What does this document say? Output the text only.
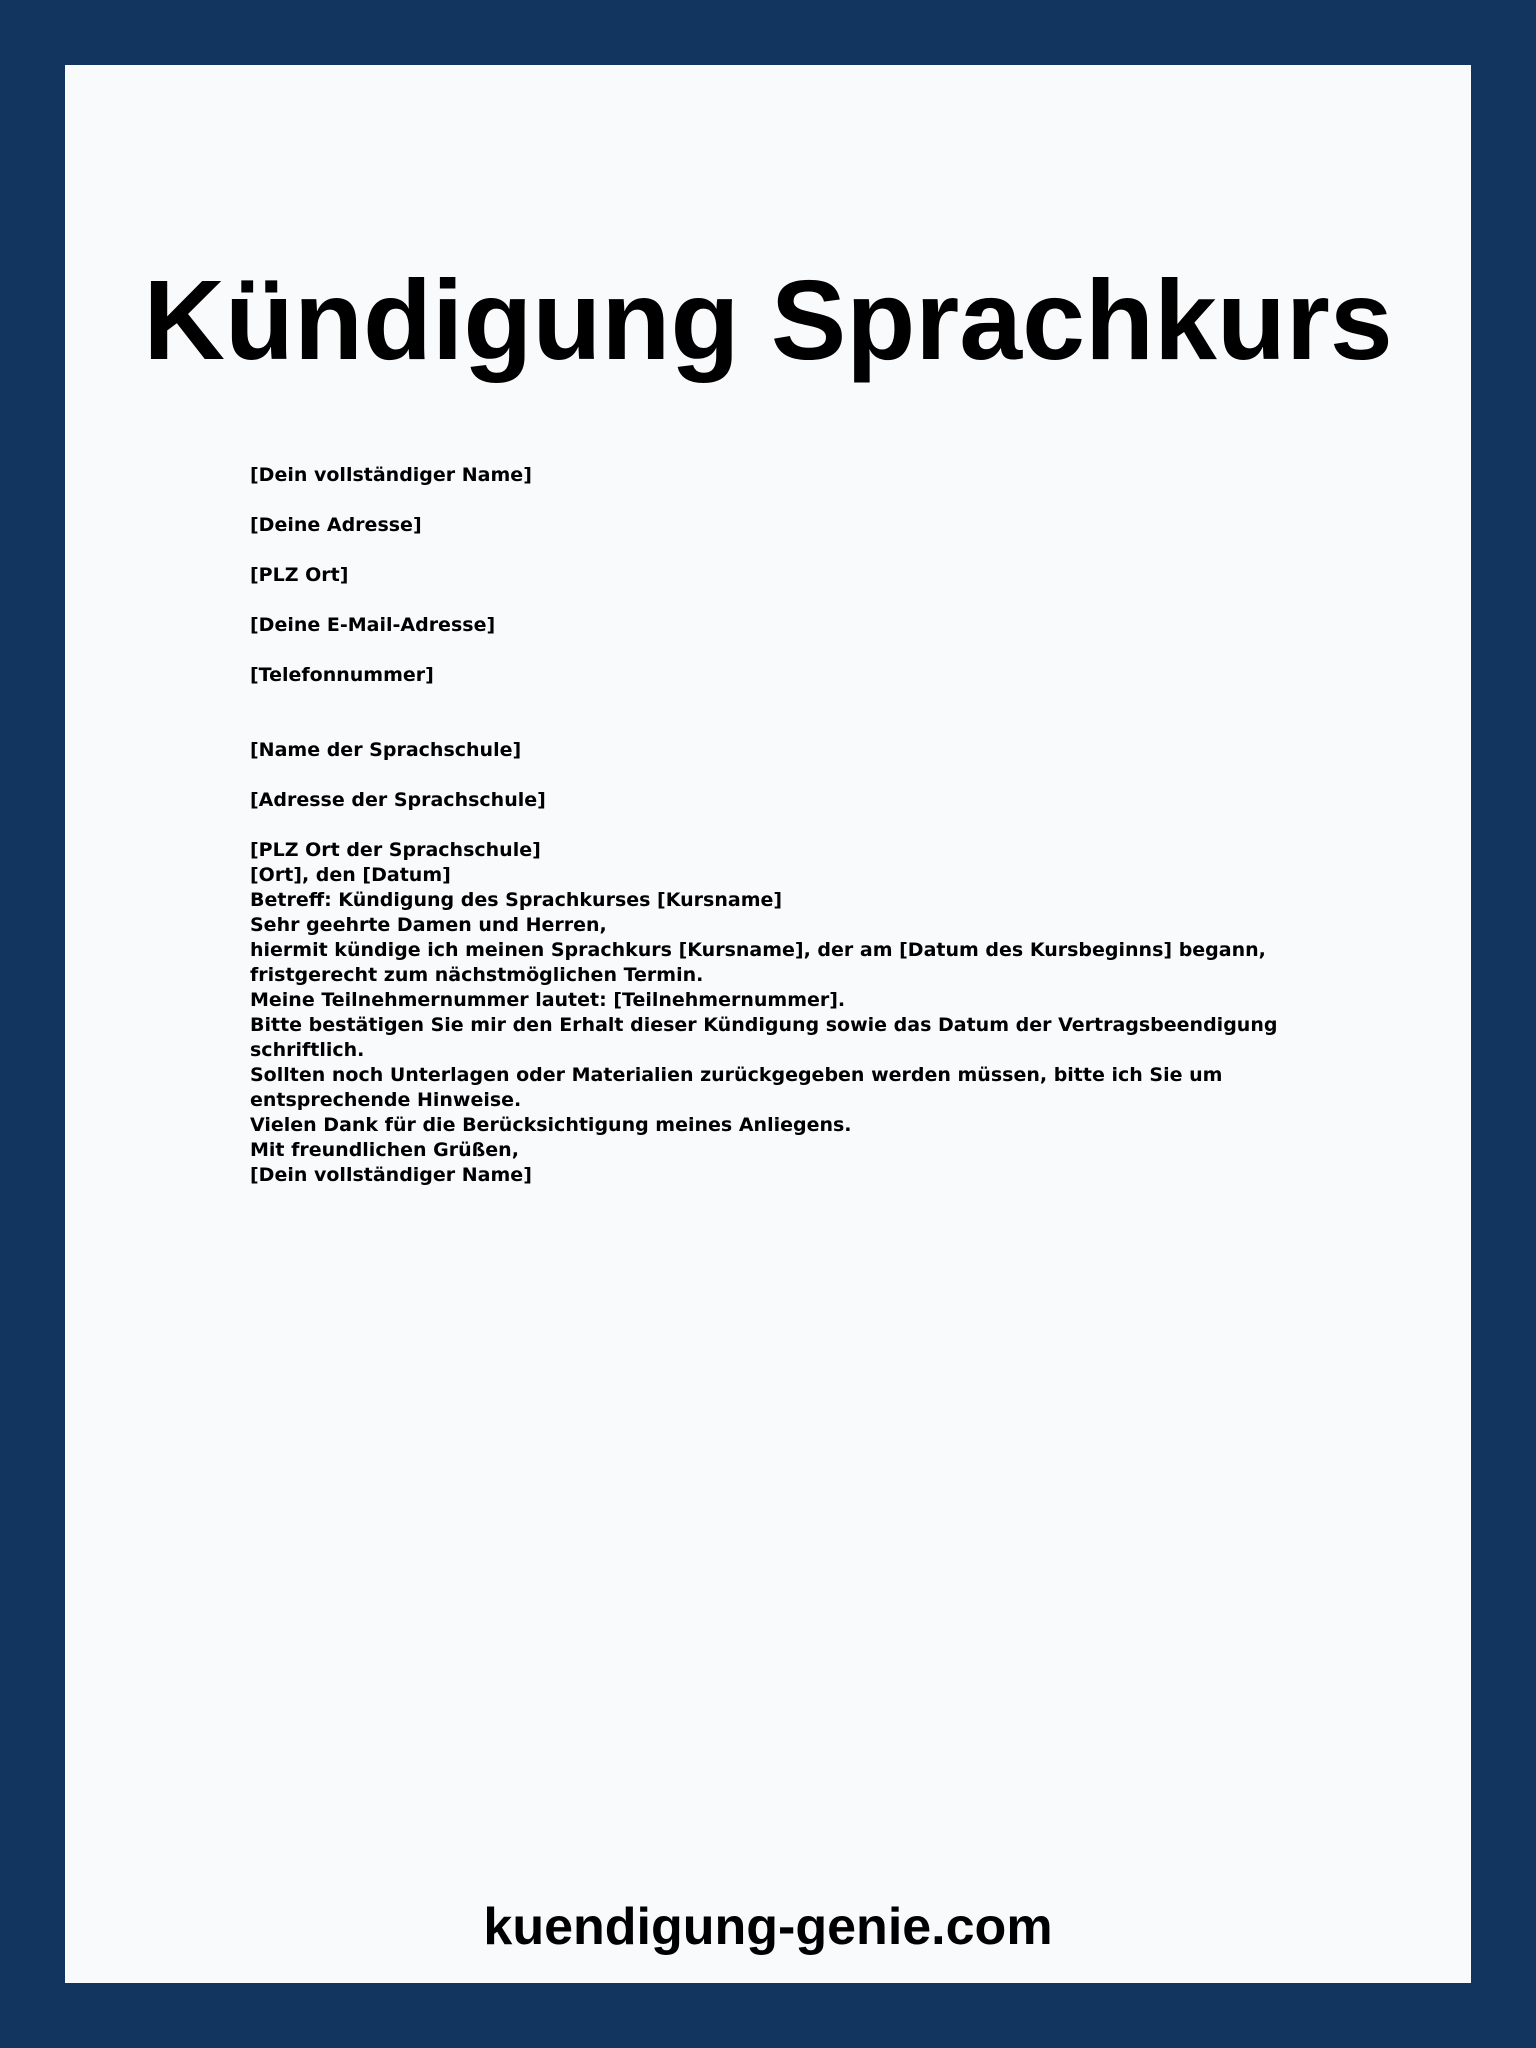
Kündigung Sprachkurs

[Dein vollständiger Name]

[Deine Adresse]

[PLZ Ort]

[Deine E-Mail-Adresse]

[Telefonnummer]

[Name der Sprachschule]

[Adresse der Sprachschule]

[PLZ Ort der Sprachschule]

[Ort], den [Datum]

Betreff: Kündigung des Sprachkurses [Kursname]

Sehr geehrte Damen und Herren,

hiermit kündige ich meinen Sprachkurs [Kursname], der am [Datum des Kursbeginns] begann, fristgerecht zum nächstmöglichen Termin.

Meine Teilnehmernummer lautet: [Teilnehmernummer].

Bitte bestätigen Sie mir den Erhalt dieser Kündigung sowie das Datum der Vertragsbeendigung schriftlich.

Sollten noch Unterlagen oder Materialien zurückgegeben werden müssen, bitte ich Sie um entsprechende Hinweise.

Vielen Dank für die Berücksichtigung meines Anliegens.

Mit freundlichen Grüßen,

[Dein vollständiger Name]

kuendigung-genie.com
